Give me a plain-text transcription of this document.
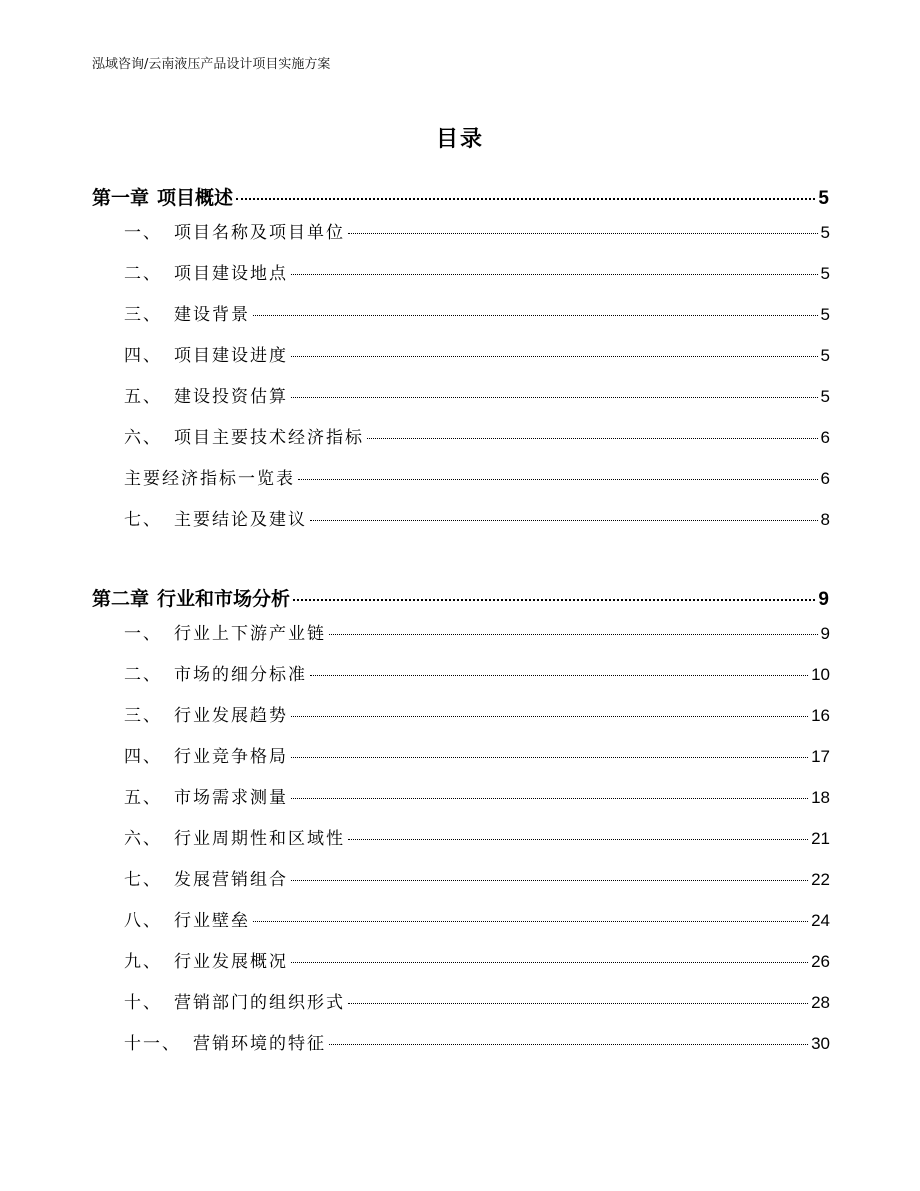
泓域咨询/云南液压产品设计项目实施方案
目录
第一章 项目概述	5
一、 项目名称及项目单位	5
二、 项目建设地点	5
三、 建设背景	5
四、 项目建设进度	5
五、 建设投资估算	5
六、 项目主要技术经济指标	6
主要经济指标一览表	6
七、 主要结论及建议	8
第二章 行业和市场分析	9
一、 行业上下游产业链	9
二、 市场的细分标准	10
三、 行业发展趋势	16
四、 行业竞争格局	17
五、 市场需求测量	18
六、 行业周期性和区域性	21
七、 发展营销组合	22
八、 行业壁垒	24
九、 行业发展概况	26
十、 营销部门的组织形式	28
十一、 营销环境的特征	30
